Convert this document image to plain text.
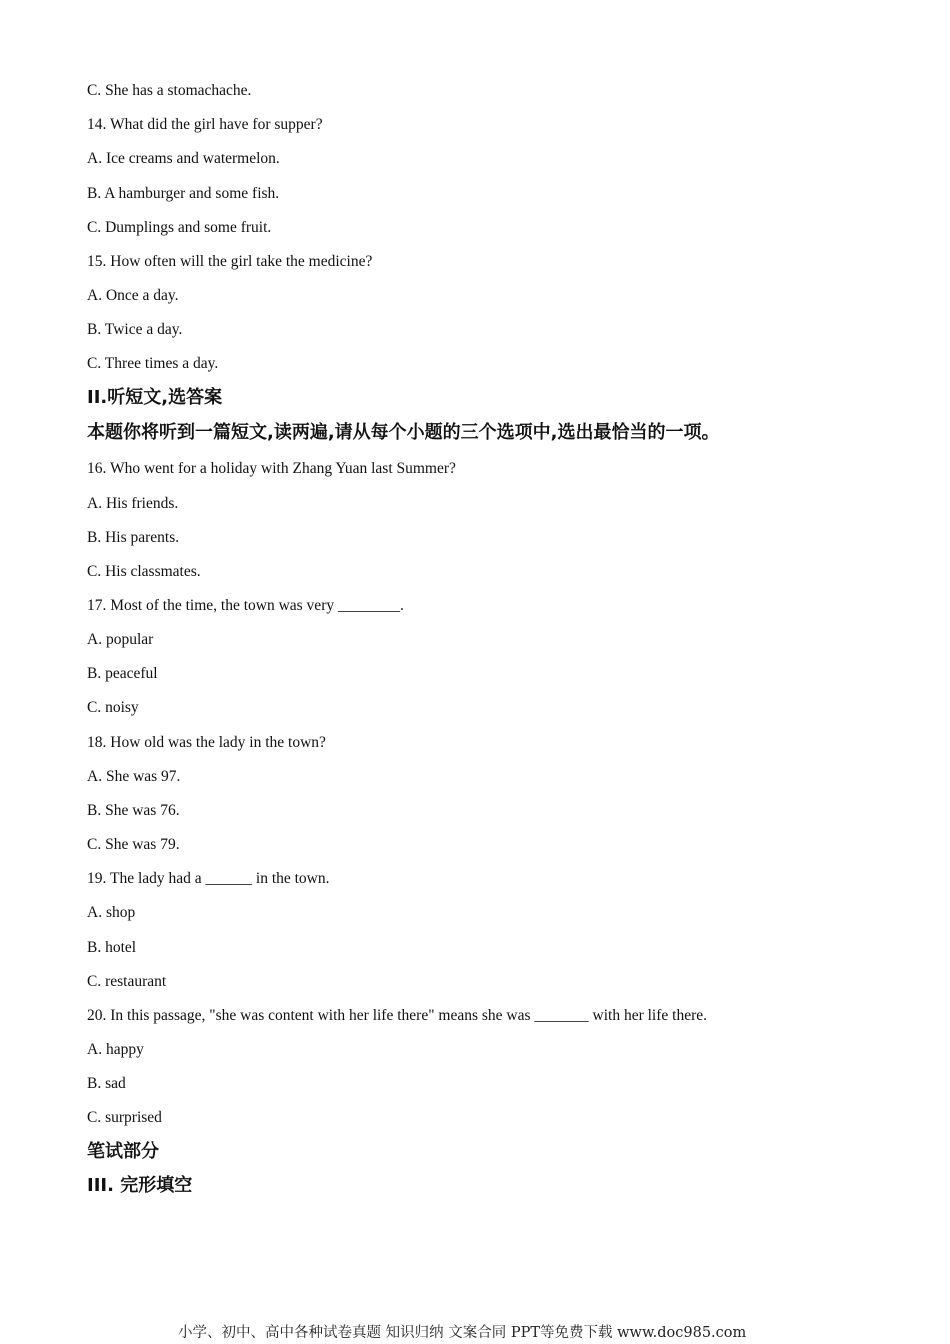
C. She has a stomachache.
14. What did the girl have for supper?
A. Ice creams and watermelon.
B. A hamburger and some fish.
C. Dumplings and some fruit.
15. How often will the girl take the medicine?
A. Once a day.
B. Twice a day.
C. Three times a day.
II.听短文,选答案
本题你将听到一篇短文,读两遍,请从每个小题的三个选项中,选出最恰当的一项。
16. Who went for a holiday with Zhang Yuan last Summer?
A. His friends.
B. His parents.
C. His classmates.
17. Most of the time, the town was very ________.
A. popular
B. peaceful
C. noisy
18. How old was the lady in the town?
A. She was 97.
B. She was 76.
C. She was 79.
19. The lady had a ______ in the town.
A. shop
B. hotel
C. restaurant
20. In this passage, "she was content with her life there" means she was _______ with her life there.
A. happy
B. sad
C. surprised
笔试部分
III. 完形填空
小学、初中、高中各种试卷真题 知识归纳 文案合同 PPT等免费下载 www.doc985.com
